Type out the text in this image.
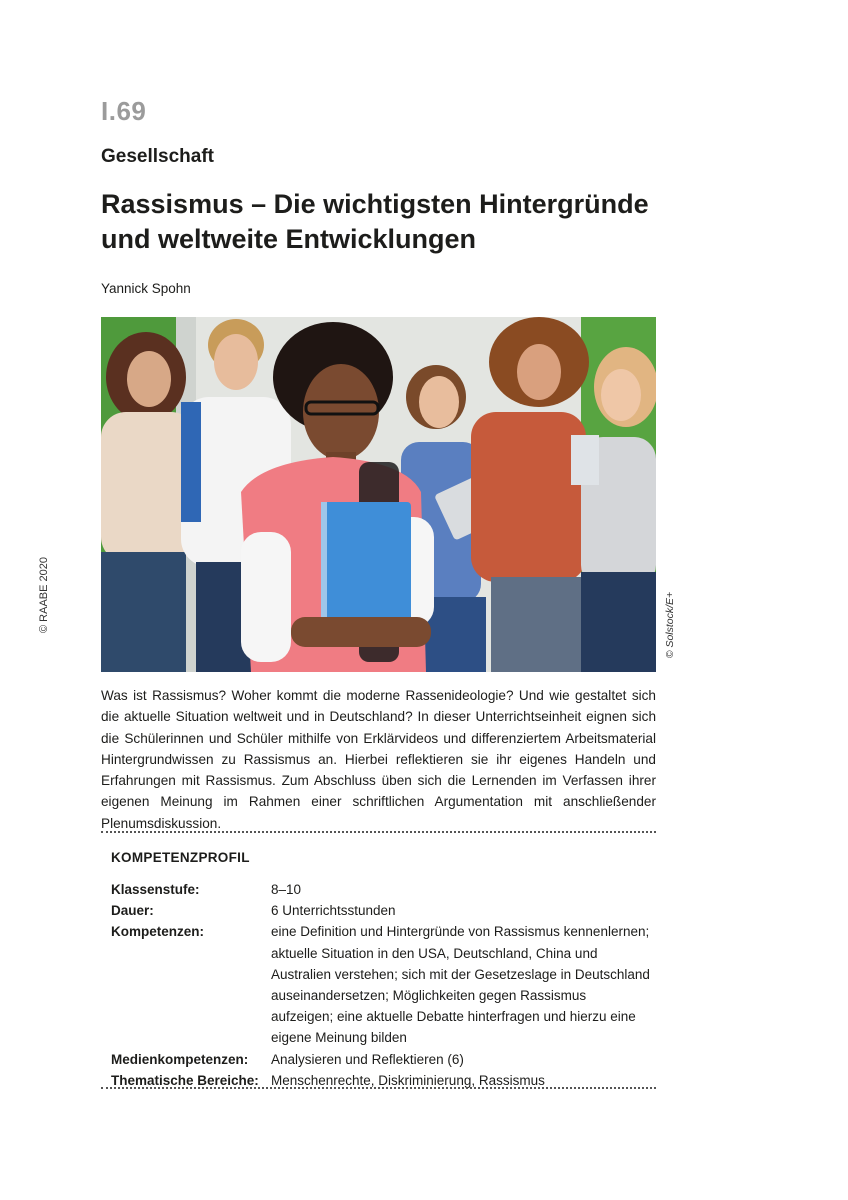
I.69
Gesellschaft
Rassismus – Die wichtigsten Hintergründe und weltweite Entwicklungen
Yannick Spohn
© RAABE 2020	© Solstock/E+
Was ist Rassismus? Woher kommt die moderne Rassenideologie? Und wie gestaltet sich die aktuelle Situation weltweit und in Deutschland? In dieser Unterrichtseinheit eignen sich die Schülerinnen und Schüler mithilfe von Erklärvideos und differenziertem Arbeitsmaterial Hintergrundwissen zu Rassismus an. Hierbei reflektieren sie ihr eigenes Handeln und Erfahrungen mit Rassismus. Zum Abschluss üben sich die Lernenden im Verfassen ihrer eigenen Meinung im Rahmen einer schriftlichen Argumentation mit anschließender Plenumsdiskussion.
KOMPETENZPROFIL
Klassenstufe:	8–10
Dauer:	6 Unterrichtsstunden
Kompetenzen:	eine Definition und Hintergründe von Rassismus kennenlernen; aktuelle Situation in den USA, Deutschland, China und Australien verstehen; sich mit der Gesetzeslage in Deutschland auseinandersetzen; Möglichkeiten gegen Rassismus aufzeigen; eine aktuelle Debatte hinterfragen und hierzu eine eigene Meinung bilden
Medienkompetenzen:	Analysieren und Reflektieren (6)
Thematische Bereiche: Menschenrechte, Diskriminierung, Rassismus
